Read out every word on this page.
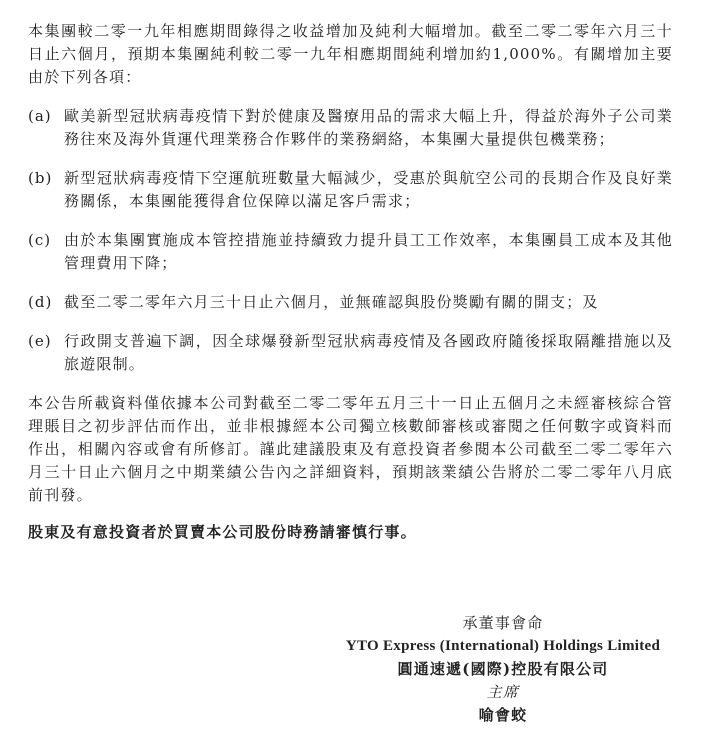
本集團較二零一九年相應期間錄得之收益增加及純利大幅增加。截至二零二零年六月三十日止六個月，預期本集團純利較二零一九年相應期間純利增加約1,000%。有關增加主要由於下列各項：

(a) 歐美新型冠狀病毒疫情下對於健康及醫療用品的需求大幅上升，得益於海外子公司業務往來及海外貨運代理業務合作夥伴的業務網絡，本集團大量提供包機業務；
(b) 新型冠狀病毒疫情下空運航班數量大幅減少，受惠於與航空公司的長期合作及良好業務關係，本集團能獲得倉位保障以滿足客戶需求；
(c) 由於本集團實施成本管控措施並持續致力提升員工工作效率，本集團員工成本及其他管理費用下降；
(d) 截至二零二零年六月三十日止六個月，並無確認與股份獎勵有關的開支；及
(e) 行政開支普遍下調，因全球爆發新型冠狀病毒疫情及各國政府隨後採取隔離措施以及旅遊限制。

本公告所載資料僅依據本公司對截至二零二零年五月三十一日止五個月之未經審核綜合管理賬目之初步評估而作出，並非根據經本公司獨立核數師審核或審閱之任何數字或資料而作出，相關內容或會有所修訂。謹此建議股東及有意投資者參閱本公司截至二零二零年六月三十日止六個月之中期業績公告內之詳細資料，預期該業績公告將於二零二零年八月底前刊發。

股東及有意投資者於買賣本公司股份時務請審慎行事。

承董事會命
YTO Express (International) Holdings Limited
圓通速遞(國際)控股有限公司
主席
喻會蛟
